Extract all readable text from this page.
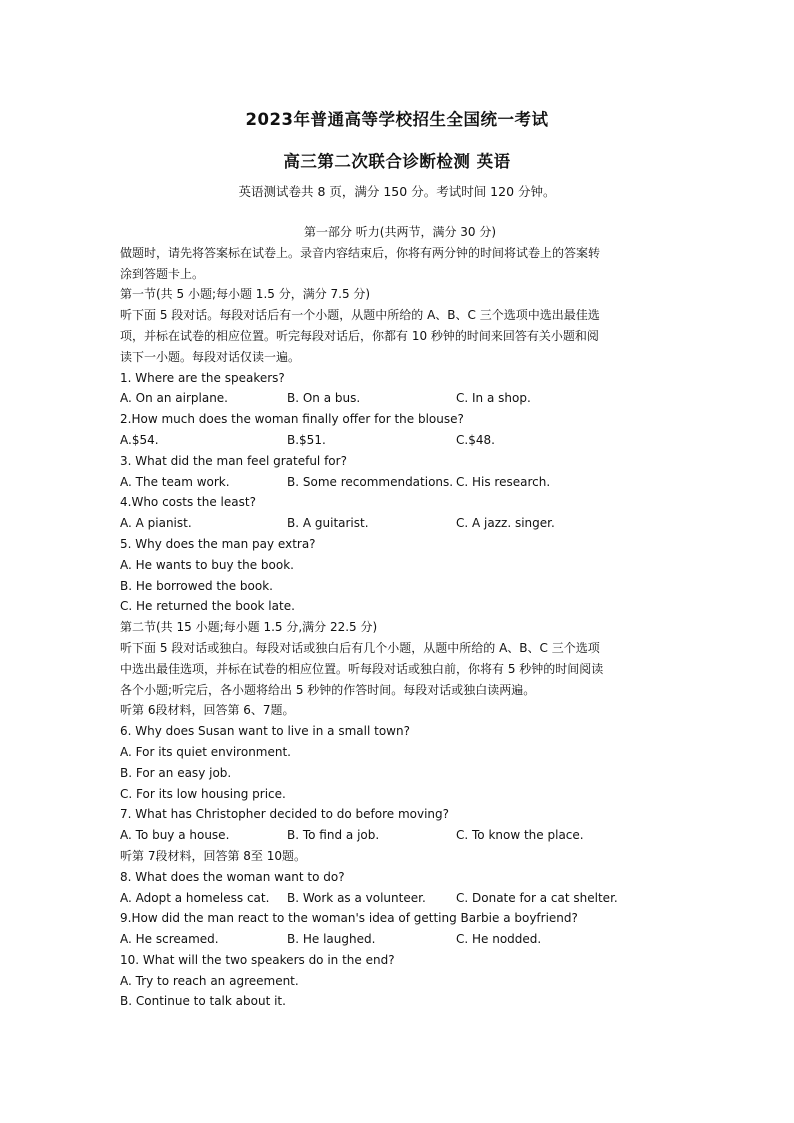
2023年普通高等学校招生全国统一考试
高三第二次联合诊断检测 英语
英语测试卷共 8 页，满分 150 分。考试时间 120 分钟。
第一部分 听力(共两节，满分 30 分)
做题时，请先将答案标在试卷上。录音内容结束后，你将有两分钟的时间将试卷上的答案转
涂到答题卡上。
第一节(共 5 小题;每小题 1.5 分，满分 7.5 分)
听下面 5 段对话。每段对话后有一个小题，从题中所给的 A、B、C 三个选项中选出最佳选
项，并标在试卷的相应位置。听完每段对话后，你都有 10 秒钟的时间来回答有关小题和阅
读下一小题。每段对话仅读一遍。
1. Where are the speakers?
A. On an airplane.	B. On a bus.	C. In a shop.
2.How much does the woman finally offer for the blouse?
A.$54.	B.$51.	C.$48.
3. What did the man feel grateful for?
A. The team work.	B. Some recommendations. C. His research.
4.Who costs the least?
A. A pianist.	B. A guitarist.	C. A jazz. singer.
5. Why does the man pay extra?
A. He wants to buy the book.
B. He borrowed the book.
C. He returned the book late.
第二节(共 15 小题;每小题 1.5 分,满分 22.5 分)
听下面 5 段对话或独白。每段对话或独白后有几个小题，从题中所给的 A、B、C 三个选项
中选出最佳选项，并标在试卷的相应位置。听每段对话或独白前，你将有 5 秒钟的时间阅读
各个小题;听完后，各小题将给出 5 秒钟的作答时间。每段对话或独白读两遍。
听第 6段材料，回答第 6、7题。
6. Why does Susan want to live in a small town?
A. For its quiet environment.
B. For an easy job.
C. For its low housing price.
7. What has Christopher decided to do before moving?
A. To buy a house.	B. To find a job.	C. To know the place.
听第 7段材料，回答第 8至 10题。
8. What does the woman want to do?
A. Adopt a homeless cat. B. Work as a volunteer.	C. Donate for a cat shelter.
9.How did the man react to the woman's idea of getting Barbie a boyfriend?
A. He screamed.	B. He laughed.	C. He nodded.
10. What will the two speakers do in the end?
A. Try to reach an agreement.
B. Continue to talk about it.
